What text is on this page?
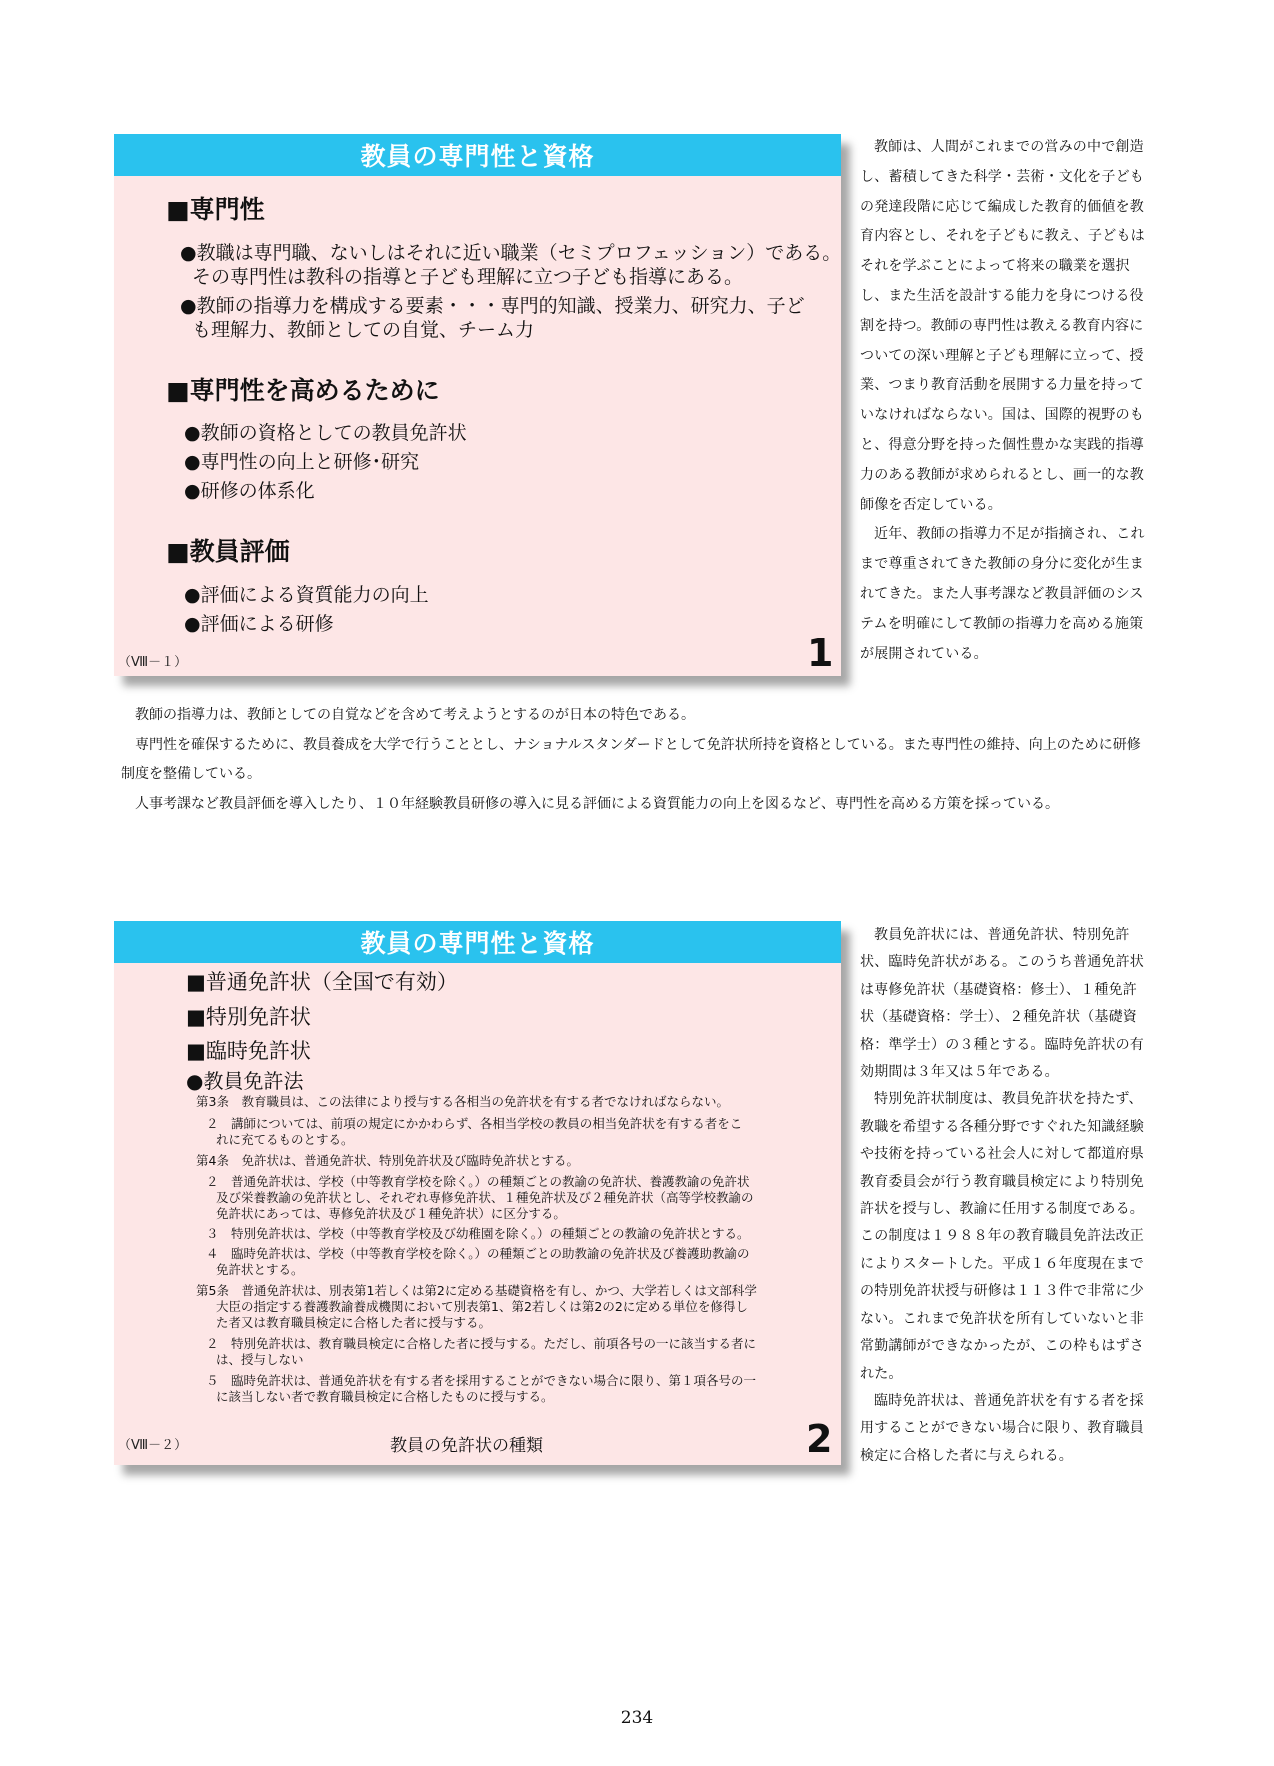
教員の専門性と資格
■専門性
●教職は専門職、ないしはそれに近い職業（セミプロフェッション）である。
その専門性は教科の指導と子ども理解に立つ子ども指導にある。
●教師の指導力を構成する要素・・・専門的知識、授業力、研究力、子ど
も理解力、教師としての自覚、チーム力
■専門性を高めるために
●教師の資格としての教員免許状
●専門性の向上と研修･研究
●研修の体系化
■教員評価
●評価による資質能力の向上
●評価による研修
（Ⅷ－１）	1

教師は、人間がこれまでの営みの中で創造し、蓄積してきた科学・芸術・文化を子どもの発達段階に応じて編成した教育的価値を教育内容とし、それを子どもに教え、子どもはそれを学ぶことによって将来の職業を選択し、また生活を設計する能力を身につける役割を持つ。教師の専門性は教える教育内容についての深い理解と子ども理解に立って、授業、つまり教育活動を展開する力量を持っていなければならない。国は、国際的視野のもと、得意分野を持った個性豊かな実践的指導力のある教師が求められるとし、画一的な教師像を否定している。

近年、教師の指導力不足が指摘され、これまで尊重されてきた教師の身分に変化が生まれてきた。また人事考課など教員評価のシステムを明確にして教師の指導力を高める施策が展開されている。

教師の指導力は、教師としての自覚などを含めて考えようとするのが日本の特色である。

専門性を確保するために、教員養成を大学で行うこととし、ナショナルスタンダードとして免許状所持を資格としている。また専門性の維持、向上のために研修制度を整備している。

人事考課など教員評価を導入したり、１０年経験教員研修の導入に見る評価による資質能力の向上を図るなど、専門性を高める方策を採っている。

教員の専門性と資格
■普通免許状（全国で有効）
■特別免許状
■臨時免許状
●教員免許法
第3条　教育職員は、この法律により授与する各相当の免許状を有する者でなければならない。
２　講師については、前項の規定にかかわらず、各相当学校の教員の相当免許状を有する者をこ
れに充てるものとする。
第4条　免許状は、普通免許状、特別免許状及び臨時免許状とする。
２　普通免許状は、学校（中等教育学校を除く。）の種類ごとの教諭の免許状、養護教諭の免許状
及び栄養教諭の免許状とし、それぞれ専修免許状、１種免許状及び２種免許状（高等学校教諭の
免許状にあっては、専修免許状及び１種免許状）に区分する。
３　特別免許状は、学校（中等教育学校及び幼稚園を除く。）の種類ごとの教諭の免許状とする。
４　臨時免許状は、学校（中等教育学校を除く。）の種類ごとの助教諭の免許状及び養護助教諭の
免許状とする。
第5条　普通免許状は、別表第1若しくは第2に定める基礎資格を有し、かつ、大学若しくは文部科学
大臣の指定する養護教諭養成機関において別表第1、第2若しくは第2の2に定める単位を修得し
た者又は教育職員検定に合格した者に授与する。
２　特別免許状は、教育職員検定に合格した者に授与する。ただし、前項各号の一に該当する者に
は、授与しない
５　臨時免許状は、普通免許状を有する者を採用することができない場合に限り、第１項各号の一
に該当しない者で教育職員検定に合格したものに授与する。
（Ⅷ－２）	教員の免許状の種類	2

教員免許状には、普通免許状、特別免許状、臨時免許状がある。このうち普通免許状は専修免許状（基礎資格：修士）、１種免許状（基礎資格：学士）、２種免許状（基礎資格：準学士）の３種とする。臨時免許状の有効期間は３年又は５年である。

特別免許状制度は、教員免許状を持たず、教職を希望する各種分野ですぐれた知識経験や技術を持っている社会人に対して都道府県教育委員会が行う教育職員検定により特別免許状を授与し、教諭に任用する制度である。この制度は１９８８年の教育職員免許法改正によりスタートした。平成１６年度現在までの特別免許状授与研修は１１３件で非常に少ない。これまで免許状を所有していないと非常勤講師ができなかったが、この枠もはずされた。

臨時免許状は、普通免許状を有する者を採用することができない場合に限り、教育職員検定に合格した者に与えられる。

234
